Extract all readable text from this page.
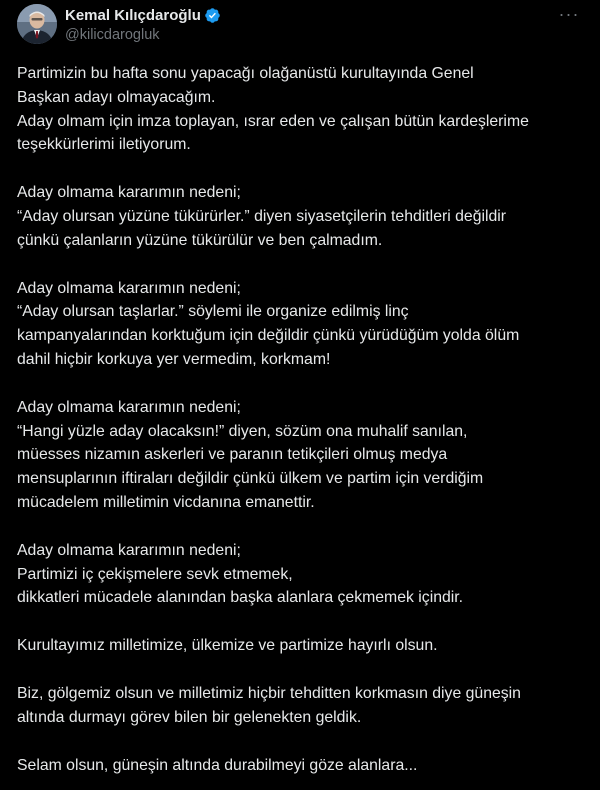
Kemal Kılıçdaroğlu
@kilicdarogluk
···

Partimizin bu hafta sonu yapacağı olağanüstü kurultayında Genel
Başkan adayı olmayacağım.
Aday olmam için imza toplayan, ısrar eden ve çalışan bütün kardeşlerime
teşekkürlerimi iletiyorum.

Aday olmama kararımın nedeni;
“Aday olursan yüzüne tükürürler.” diyen siyasetçilerin tehditleri değildir
çünkü çalanların yüzüne tükürülür ve ben çalmadım.

Aday olmama kararımın nedeni;
“Aday olursan taşlarlar.” söylemi ile organize edilmiş linç
kampanyalarından korktuğum için değildir çünkü yürüdüğüm yolda ölüm
dahil hiçbir korkuya yer vermedim, korkmam!

Aday olmama kararımın nedeni;
“Hangi yüzle aday olacaksın!” diyen, sözüm ona muhalif sanılan,
müesses nizamın askerleri ve paranın tetikçileri olmuş medya
mensuplarının iftiraları değildir çünkü ülkem ve partim için verdiğim
mücadelem milletimin vicdanına emanettir.

Aday olmama kararımın nedeni;
Partimizi iç çekişmelere sevk etmemek,
dikkatleri mücadele alanından başka alanlara çekmemek içindir.

Kurultayımız milletimize, ülkemize ve partimize hayırlı olsun.

Biz, gölgemiz olsun ve milletimiz hiçbir tehditten korkmasın diye güneşin
altında durmayı görev bilen bir gelenekten geldik.

Selam olsun, güneşin altında durabilmeyi göze alanlara...
